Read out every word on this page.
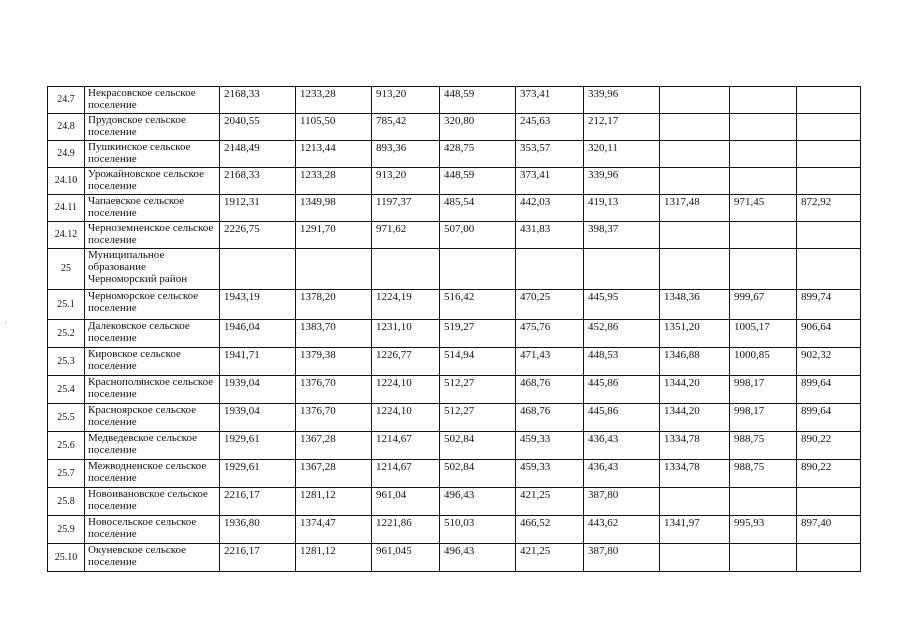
·
24.7	Некрасовское сельское поселение	2168,33	1233,28	913,20	448,59	373,41	339,96			
24.8	Прудовское сельское поселение	2040,55	1105,50	785,42	320,80	245,63	212,17			
24.9	Пушкинское сельское поселение	2148,49	1213,44	893,36	428,75	353,57	320,11			
24.10	Урожайновское сельское поселение	2168,33	1233,28	913,20	448,59	373,41	339,96			
24.11	Чапаевское сельское поселение	1912,31	1349,98	1197,37	485,54	442,03	419,13	1317,48	971,45	872,92
24.12	Черноземненское сельское поселение	2226,75	1291,70	971,62	507,00	431,83	398,37			
25	Муниципальное образование Черноморский район									
25.1	Черноморское сельское поселение	1943,19	1378,20	1224,19	516,42	470,25	445,95	1348,36	999,67	899,74
25.2	Далековское сельское поселение	1946,04	1383,70	1231,10	519,27	475,76	452,86	1351,20	1005,17	906,64
25.3	Кировское сельское поселение	1941,71	1379,38	1226,77	514,94	471,43	448,53	1346,88	1000,85	902,32
25.4	Краснополянское сельское поселение	1939,04	1376,70	1224,10	512,27	468,76	445,86	1344,20	998,17	899,64
25.5	Краснoярское сельское поселение	1939,04	1376,70	1224,10	512,27	468,76	445,86	1344,20	998,17	899,64
25.6	Медведевское сельское поселение	1929,61	1367,28	1214,67	502,84	459,33	436,43	1334,78	988,75	890,22
25.7	Межводненское сельское поселение	1929,61	1367,28	1214,67	502,84	459,33	436,43	1334,78	988,75	890,22
25.8	Новоивановское сельское поселение	2216,17	1281,12	961,04	496,43	421,25	387,80			
25.9	Новосельское сельское поселение	1936,80	1374,47	1221,86	510,03	466,52	443,62	1341,97	995,93	897,40
25.10	Окуневское сельское поселение	2216,17	1281,12	961,045	496,43	421,25	387,80			
